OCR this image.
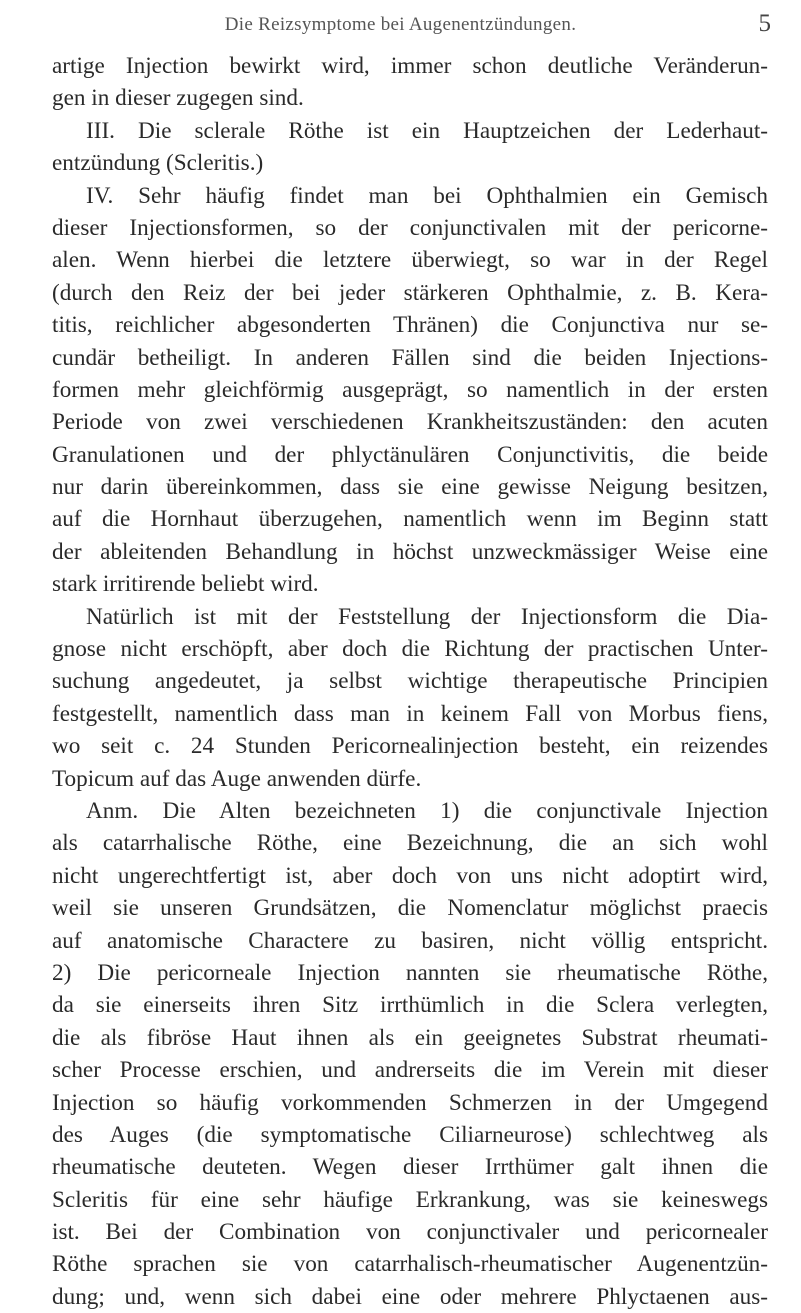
Die Reizsymptome bei Augenentzündungen.	5
artige Injection bewirkt wird, immer schon deutliche Veränderun-
gen in dieser zugegen sind.
III. Die sclerale Röthe ist ein Hauptzeichen der Lederhaut-
entzündung (Scleritis.)
IV. Sehr häufig findet man bei Ophthalmien ein Gemisch
dieser Injectionsformen, so der conjunctivalen mit der pericorne-
alen. Wenn hierbei die letztere überwiegt, so war in der Regel
(durch den Reiz der bei jeder stärkeren Ophthalmie, z. B. Kera-
titis, reichlicher abgesonderten Thränen) die Conjunctiva nur se-
cundär betheiligt. In anderen Fällen sind die beiden Injections-
formen mehr gleichförmig ausgeprägt, so namentlich in der ersten
Periode von zwei verschiedenen Krankheitszuständen: den acuten
Granulationen und der phlyctänulären Conjunctivitis, die beide
nur darin übereinkommen, dass sie eine gewisse Neigung besitzen,
auf die Hornhaut überzugehen, namentlich wenn im Beginn statt
der ableitenden Behandlung in höchst unzweckmässiger Weise eine
stark irritirende beliebt wird.
Natürlich ist mit der Feststellung der Injectionsform die Dia-
gnose nicht erschöpft, aber doch die Richtung der practischen Unter-
suchung angedeutet, ja selbst wichtige therapeutische Principien
festgestellt, namentlich dass man in keinem Fall von Morbus fiens,
wo seit c. 24 Stunden Pericornealinjection besteht, ein reizendes
Topicum auf das Auge anwenden dürfe.
Anm. Die Alten bezeichneten 1) die conjunctivale Injection
als catarrhalische Röthe, eine Bezeichnung, die an sich wohl
nicht ungerechtfertigt ist, aber doch von uns nicht adoptirt wird,
weil sie unseren Grundsätzen, die Nomenclatur möglichst praecis
auf anatomische Charactere zu basiren, nicht völlig entspricht.
2) Die pericorneale Injection nannten sie rheumatische Röthe,
da sie einerseits ihren Sitz irrthümlich in die Sclera verlegten,
die als fibröse Haut ihnen als ein geeignetes Substrat rheumati-
scher Processe erschien, und andrerseits die im Verein mit dieser
Injection so häufig vorkommenden Schmerzen in der Umgegend
des Auges (die symptomatische Ciliarneurose) schlechtweg als
rheumatische deuteten. Wegen dieser Irrthümer galt ihnen die
Scleritis für eine sehr häufige Erkrankung, was sie keineswegs
ist. Bei der Combination von conjunctivaler und pericornealer
Röthe sprachen sie von catarrhalisch-rheumatischer Augenentzün-
dung; und, wenn sich dabei eine oder mehrere Phlyctaenen aus-
